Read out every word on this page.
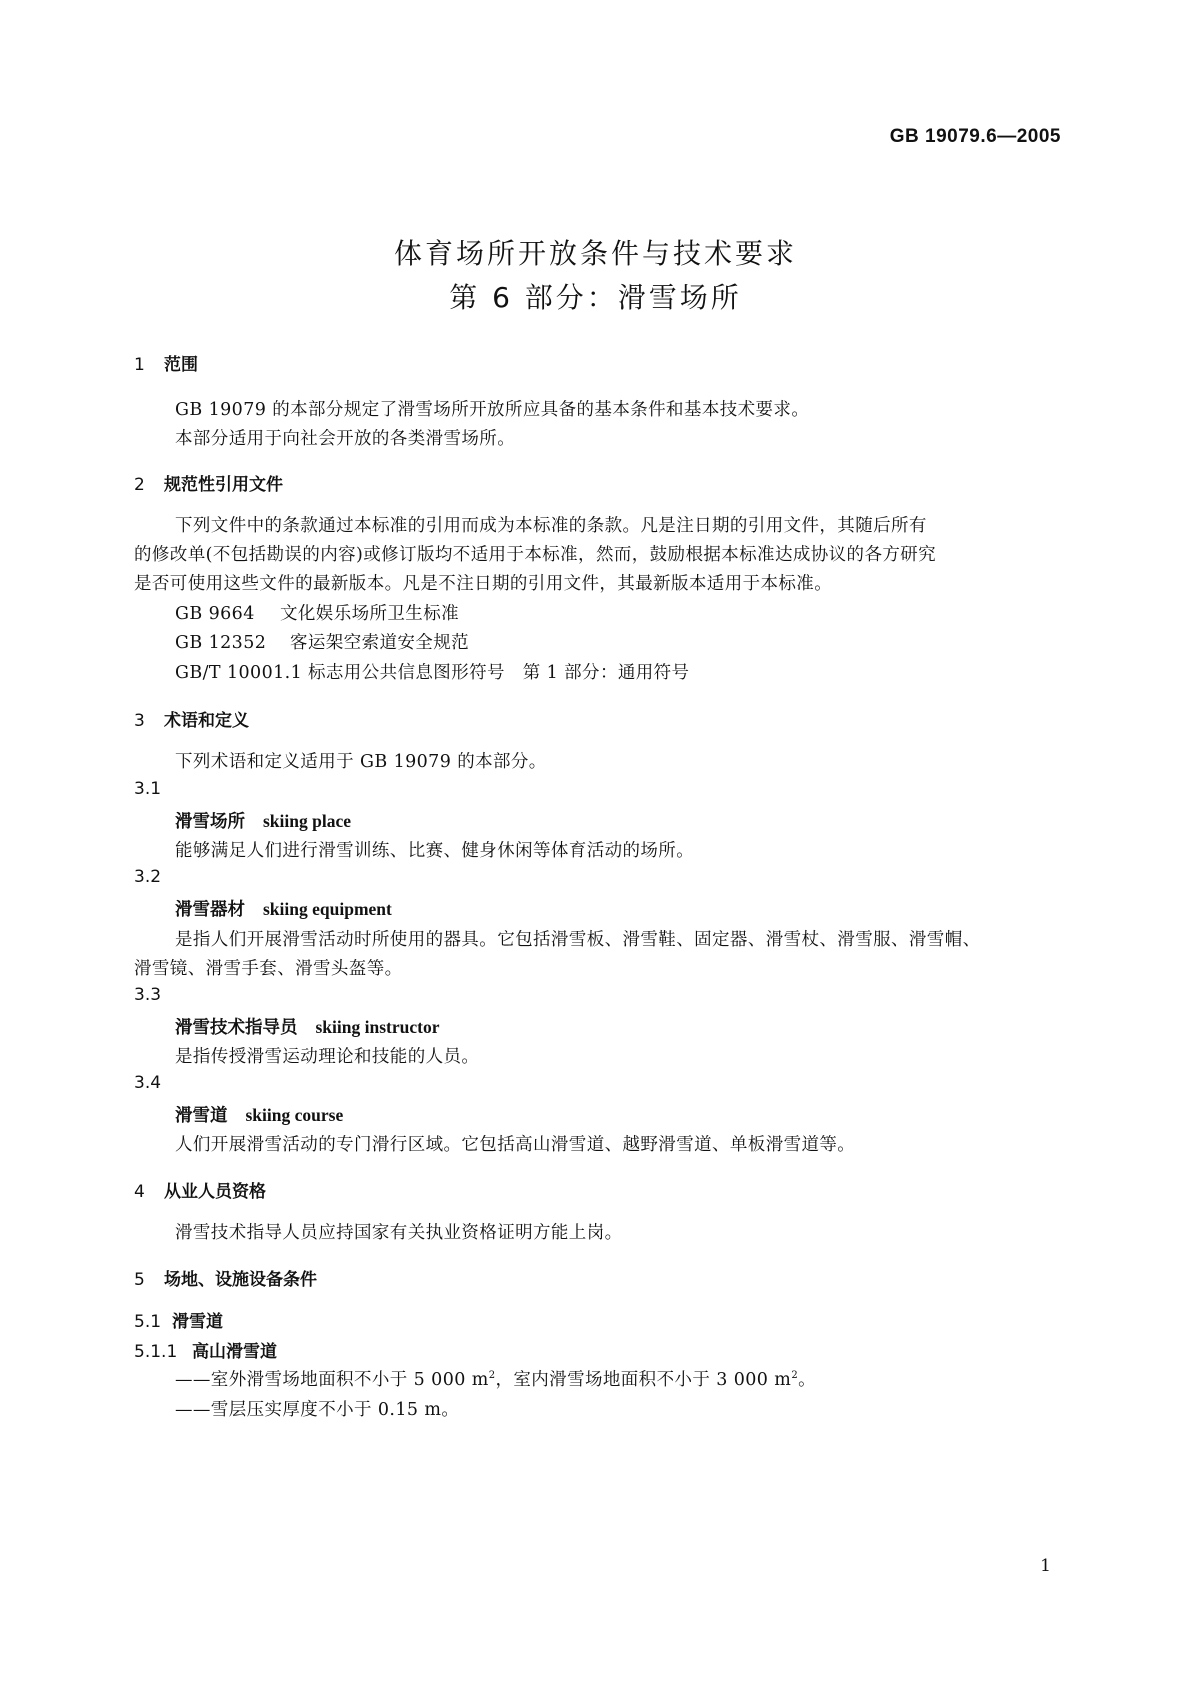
GB 19079.6—2005
体育场所开放条件与技术要求
第 6 部分：滑雪场所
1 范围
GB 19079 的本部分规定了滑雪场所开放所应具备的基本条件和基本技术要求。
本部分适用于向社会开放的各类滑雪场所。
2 规范性引用文件
下列文件中的条款通过本标准的引用而成为本标准的条款。凡是注日期的引用文件，其随后所有
的修改单(不包括勘误的内容)或修订版均不适用于本标准，然而，鼓励根据本标准达成协议的各方研究
是否可使用这些文件的最新版本。凡是不注日期的引用文件，其最新版本适用于本标准。
GB 9664 文化娱乐场所卫生标准
GB 12352 客运架空索道安全规范
GB/T 10001.1 标志用公共信息图形符号　第 1 部分：通用符号
3 术语和定义
下列术语和定义适用于 GB 19079 的本部分。
3.1
滑雪场所 skiing place
能够满足人们进行滑雪训练、比赛、健身休闲等体育活动的场所。
3.2
滑雪器材 skiing equipment
是指人们开展滑雪活动时所使用的器具。它包括滑雪板、滑雪鞋、固定器、滑雪杖、滑雪服、滑雪帽、
滑雪镜、滑雪手套、滑雪头盔等。
3.3
滑雪技术指导员 skiing instructor
是指传授滑雪运动理论和技能的人员。
3.4
滑雪道 skiing course
人们开展滑雪活动的专门滑行区域。它包括高山滑雪道、越野滑雪道、单板滑雪道等。
4 从业人员资格
滑雪技术指导人员应持国家有关执业资格证明方能上岗。
5 场地、设施设备条件
5.1 滑雪道
5.1.1 高山滑雪道
——室外滑雪场地面积不小于 5 000 $m^2$，室内滑雪场地面积不小于 3 000 $m^2$。
——雪层压实厚度不小于 0.15 m。
1
